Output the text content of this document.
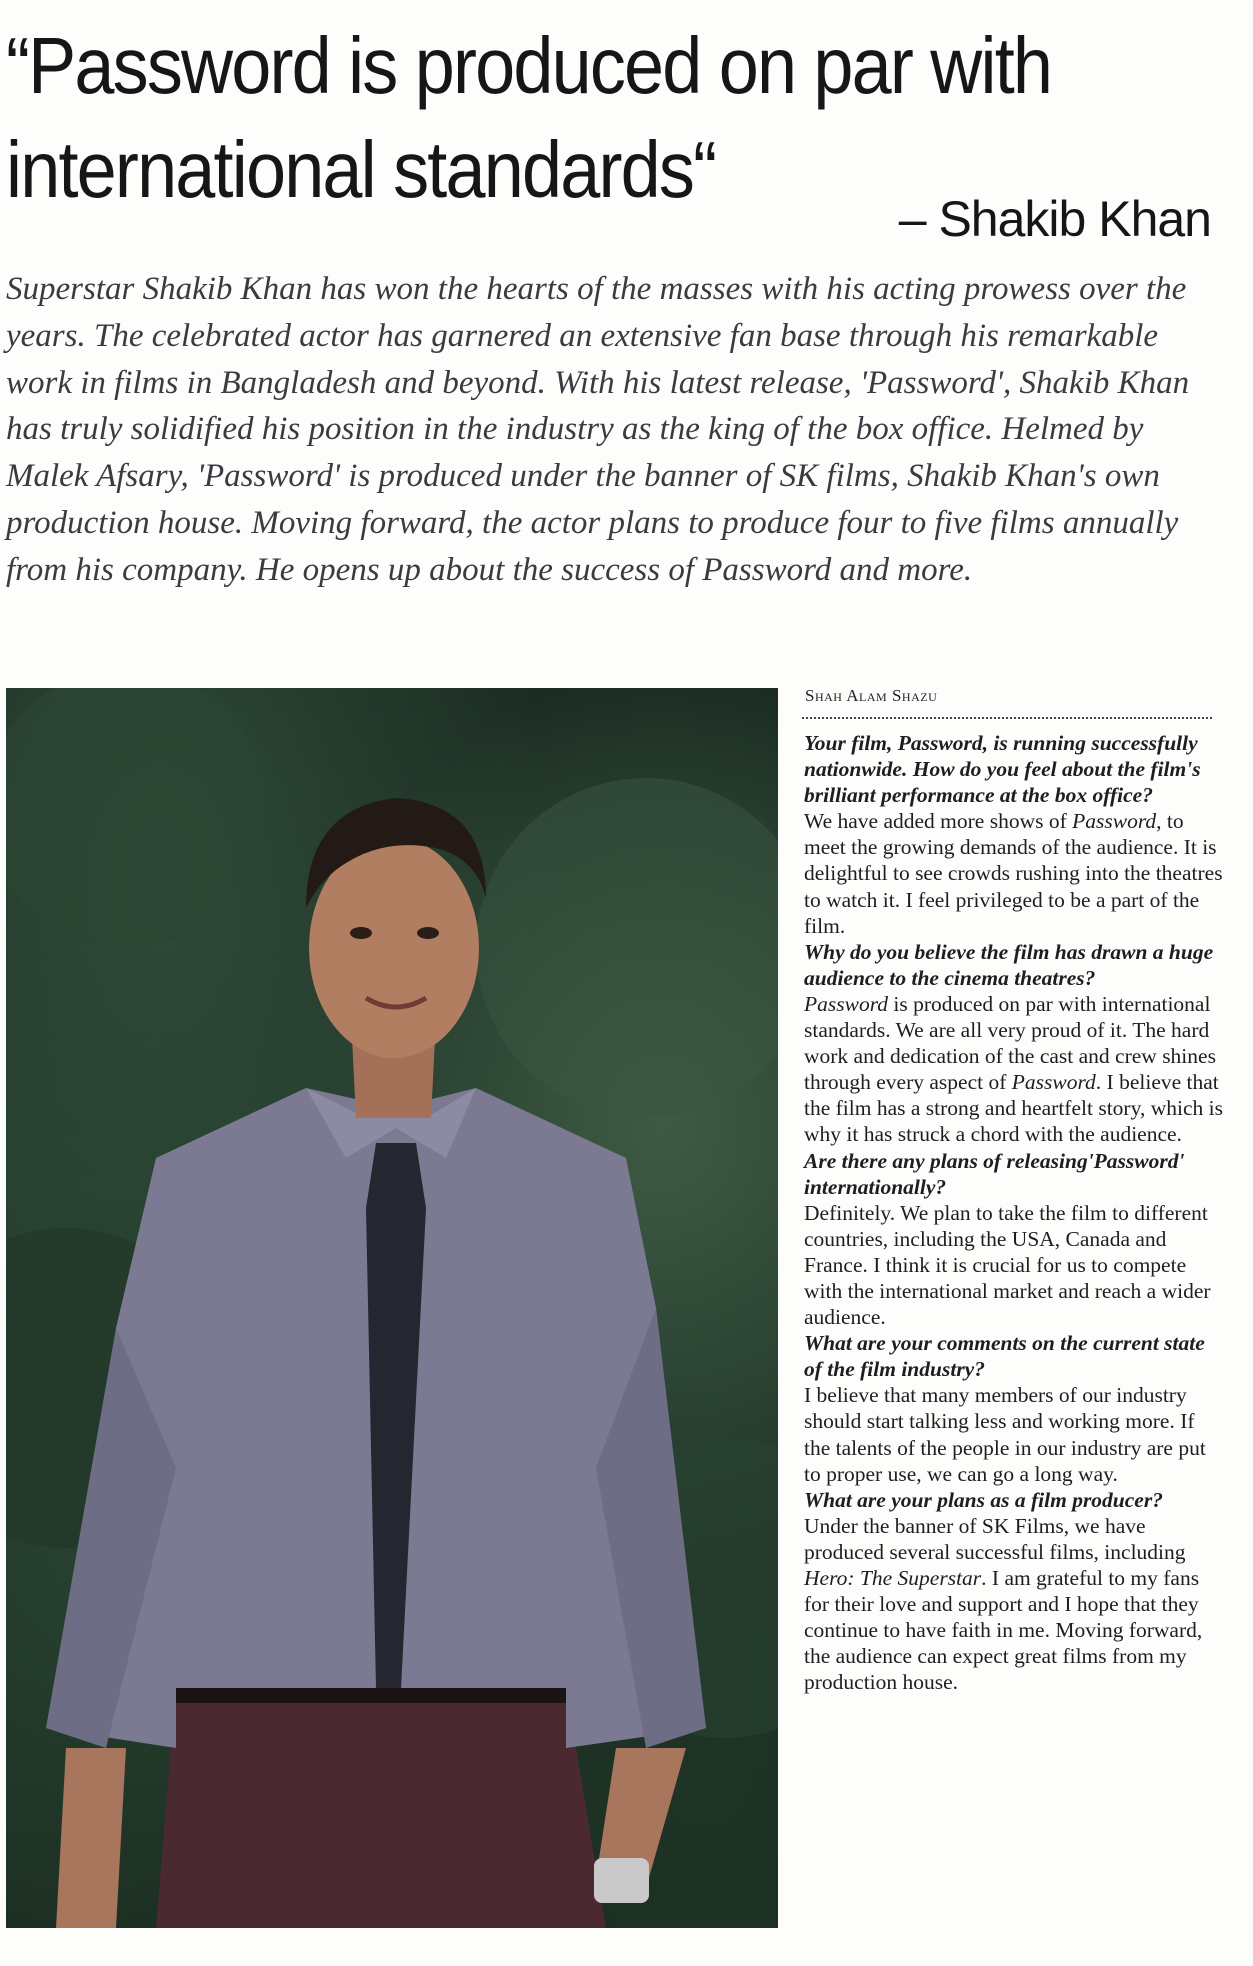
“Password is produced on par with
international standards“
– Shakib Khan

Superstar Shakib Khan has won the hearts of the masses with his acting prowess over the years. The celebrated actor has garnered an extensive fan base through his remarkable work in films in Bangladesh and beyond. With his latest release, 'Password', Shakib Khan has truly solidified his position in the industry as the king of the box office. Helmed by Malek Afsary, 'Password' is produced under the banner of SK films, Shakib Khan's own production house. Moving forward, the actor plans to produce four to five films annually from his company. He opens up about the success of Password and more.

Shah Alam Shazu
Your film, Password, is running successfully nationwide. How do you feel about the film's brilliant performance at the box office?
We have added more shows of Password, to meet the growing demands of the audience. It is delightful to see crowds rushing into the theatres to watch it. I feel privileged to be a part of the film.
Why do you believe the film has drawn a huge audience to the cinema theatres?
Password is produced on par with international standards. We are all very proud of it. The hard work and dedication of the cast and crew shines through every aspect of Password. I believe that the film has a strong and heartfelt story, which is why it has struck a chord with the audience.
Are there any plans of releasing'Password' internationally?
Definitely. We plan to take the film to different countries, including the USA, Canada and France. I think it is crucial for us to compete with the international market and reach a wider audience.
What are your comments on the current state of the film industry?
I believe that many members of our industry should start talking less and working more. If the talents of the people in our industry are put to proper use, we can go a long way.
What are your plans as a film producer?
Under the banner of SK Films, we have produced several successful films, including Hero: The Superstar. I am grateful to my fans for their love and support and I hope that they continue to have faith in me. Moving forward, the audience can expect great films from my production house.
